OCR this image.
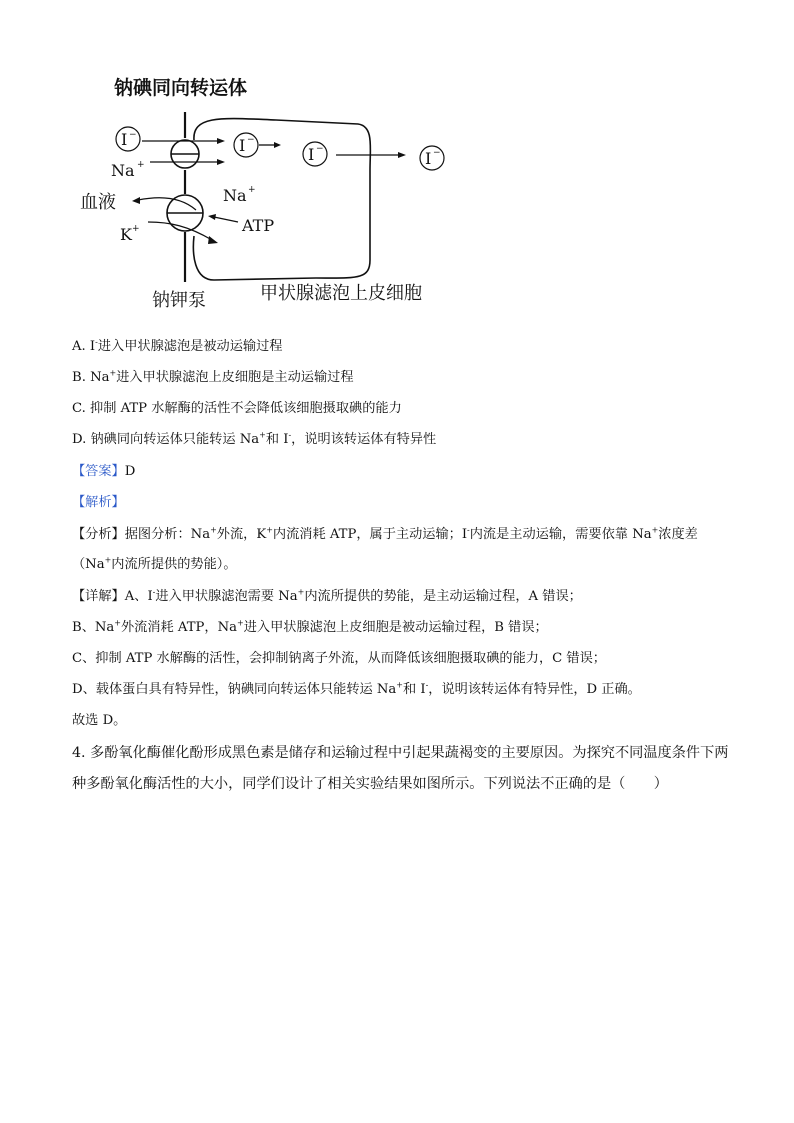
钠碘同向转运体
I −
Na +
I −
I −	I −
血液	Na +
K +	ATP
钠钾泵	甲状腺滤泡上皮细胞
A. I-进入甲状腺滤泡是被动运输过程
B. Na+进入甲状腺滤泡上皮细胞是主动运输过程
C. 抑制 ATP 水解酶的活性不会降低该细胞摄取碘的能力
D. 钠碘同向转运体只能转运 Na+和 I-，说明该转运体有特异性
【答案】D
【解析】
【分析】据图分析：Na+外流，K+内流消耗 ATP，属于主动运输；I-内流是主动运输，需要依靠 Na+浓度差
（Na+内流所提供的势能）。
【详解】A、I-进入甲状腺滤泡需要 Na+内流所提供的势能，是主动运输过程，A 错误；
B、Na+外流消耗 ATP，Na+进入甲状腺滤泡上皮细胞是被动运输过程，B 错误；
C、抑制 ATP 水解酶的活性，会抑制钠离子外流，从而降低该细胞摄取碘的能力，C 错误；
D、载体蛋白具有特异性，钠碘同向转运体只能转运 Na+和 I-，说明该转运体有特异性，D 正确。
故选 D。
4. 多酚氧化酶催化酚形成黑色素是储存和运输过程中引起果蔬褐变的主要原因。为探究不同温度条件下两
种多酚氧化酶活性的大小，同学们设计了相关实验结果如图所示。下列说法不正确的是（　　）
